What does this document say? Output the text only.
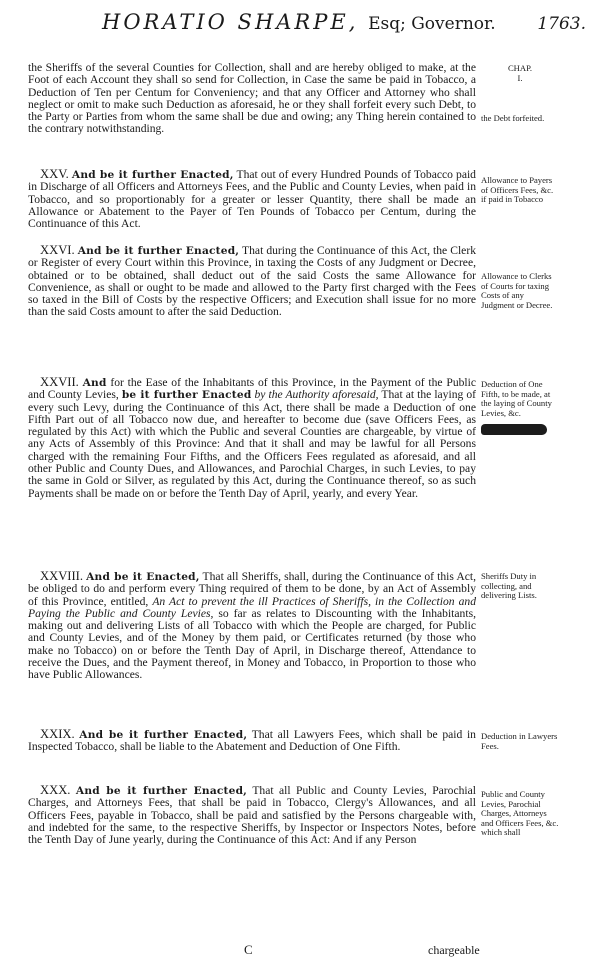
HORATIO SHARPE, Esq; Governor. 1763.

the Sheriffs of the several Counties for Collection, shall and are hereby obliged to make, at the Foot of each Account they shall so send for Collection, in Case the same be paid in Tobacco, a Deduction of Ten per Centum for Conveniency; and that any Officer and Attorney who shall neglect or omit to make such Deduction as aforesaid, he or they shall forfeit every such Debt, to the Party or Parties from whom the same shall be due and owing; any Thing herein contained to the contrary notwithstanding.

XXV. And be it further Enacted, That out of every Hundred Pounds of Tobacco paid in Discharge of all Officers and Attorneys Fees, and the Public and County Levies, when paid in Tobacco, and so proportionably for a greater or lesser Quantity, there shall be made an Allowance or Abatement to the Payer of Ten Pounds of Tobacco per Centum, during the Continuance of this Act.

XXVI. And be it further Enacted, That during the Continuance of this Act, the Clerk or Register of every Court within this Province, in taxing the Costs of any Judgment or Decree, obtained or to be obtained, shall deduct out of the said Costs the same Allowance for Convenience, as shall or ought to be made and allowed to the Party first charged with the Fees so taxed in the Bill of Costs by the respective Officers; and Execution shall issue for no more than the said Costs amount to after the said Deduction.

XXVII. And for the Ease of the Inhabitants of this Province, in the Payment of the Public and County Levies, be it further Enacted by the Authority aforesaid, That at the laying of every such Levy, during the Continuance of this Act, there shall be made a Deduction of one Fifth Part out of all Tobacco now due, and hereafter to become due (save Officers Fees, as regulated by this Act) with which the Public and several Counties are chargeable, by virtue of any Acts of Assembly of this Province: And that it shall and may be lawful for all Persons charged with the remaining Four Fifths, and the Officers Fees regulated as aforesaid, and all other Public and County Dues, and Allowances, and Parochial Charges, in such Levies, to pay the same in Gold or Silver, as regulated by this Act, during the Continuance thereof, so as such Payments shall be made on or before the Tenth Day of April, yearly, and every Year.

XXVIII. And be it Enacted, That all Sheriffs, shall, during the Continuance of this Act, be obliged to do and perform every Thing required of them to be done, by an Act of Assembly of this Province, entitled, An Act to prevent the ill Practices of Sheriffs, in the Collection and Paying the Public and County Levies, so far as relates to Discounting with the Inhabitants, making out and delivering Lists of all Tobacco with which the People are charged, for Public and County Levies, and of the Money by them paid, or Certificates returned (by those who make no Tobacco) on or before the Tenth Day of April, in Discharge thereof, Attendance to receive the Dues, and the Payment thereof, in Money and Tobacco, in Proportion to those who have Public Allowances.

XXIX. And be it further Enacted, That all Lawyers Fees, which shall be paid in Inspected Tobacco, shall be liable to the Abatement and Deduction of One Fifth.

XXX. And be it further Enacted, That all Public and County Levies, Parochial Charges, and Attorneys Fees, that shall be paid in Tobacco, Clergy's Allowances, and all Officers Fees, payable in Tobacco, shall be paid and satisfied by the Persons chargeable with, and indebted for the same, to the respective Sheriffs, by Inspector or Inspectors Notes, before the Tenth Day of June yearly, during the Continuance of this Act: And if any Person

CHAP.
I.
the Debt forfeited.
Allowance to Payers of Officers Fees, &c. if paid in Tobacco
Allowance to Clerks of Courts for taxing Costs of any Judgment or Decree.
Deduction of One Fifth, to be made, at the laying of County Levies, &c.
Sheriffs Duty in collecting, and delivering Lists.
Deduction in Lawyers Fees.
Public and County Levies, Parochial Charges, Attorneys and Officers Fees, &c. which shall
C	chargeable
